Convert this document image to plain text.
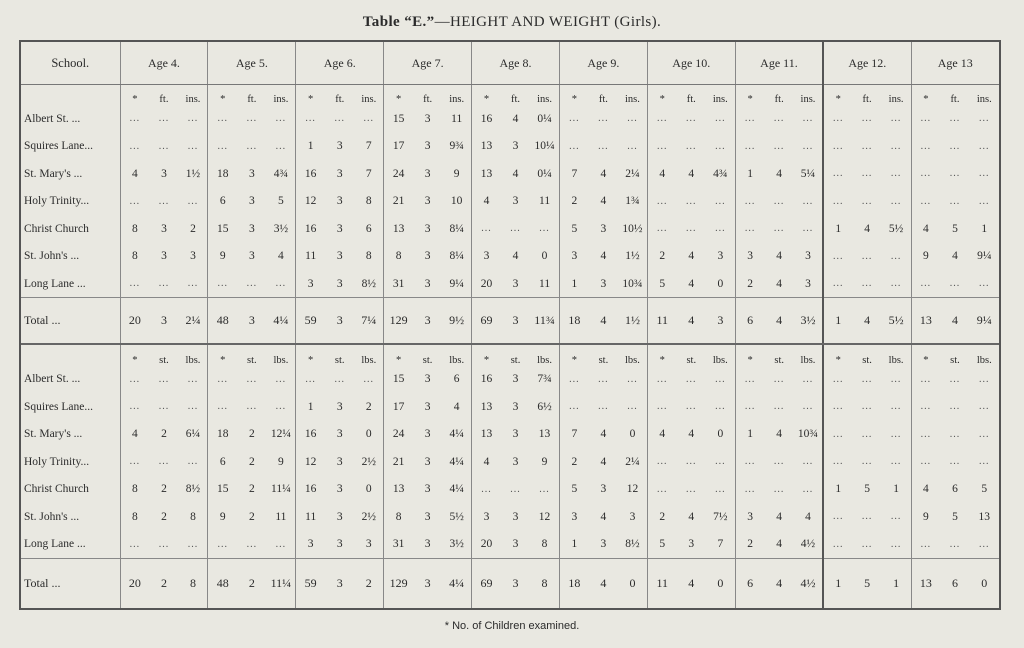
Table “E.”—HEIGHT AND WEIGHT (Girls).
School.	Age 4.			Age 5.			Age 6.			Age 7.			Age 8.			Age 9.			Age 10.			Age 11.			Age 12.			Age 13		
	*	ft.	ins.	*	ft.	ins.	*	ft.	ins.	*	ft.	ins.	*	ft.	ins.	*	ft.	ins.	*	ft.	ins.	*	ft.	ins.	*	ft.	ins.	*	ft.	ins.
Albert St. ...	...	...	...	...	...	...	...	...	...	15	3	11	16	4	0¼	...	...	...	...	...	...	...	...	...	...	...	...	...	...	...
Squires Lane...	...	...	...	...	...	...	1	3	7	17	3	9¾	13	3	10¼	...	...	...	...	...	...	...	...	...	...	...	...	...	...	...
St. Mary's ...	4	3	1½	18	3	4¾	16	3	7	24	3	9	13	4	0¼	7	4	2¼	4	4	4¾	1	4	5¼	...	...	...	...	...	...
Holy Trinity...	...	...	...	6	3	5	12	3	8	21	3	10	4	3	11	2	4	1¾	...	...	...	...	...	...	...	...	...	...	...	...
Christ Church	8	3	2	15	3	3½	16	3	6	13	3	8¼	...	...	...	5	3	10½	...	...	...	...	...	...	1	4	5½	4	5	1
St. John's ...	8	3	3	9	3	4	11	3	8	8	3	8¼	3	4	0	3	4	1½	2	4	3	3	4	3	...	...	...	9	4	9¼
Long Lane ...	...	...	...	...	...	...	3	3	8½	31	3	9¼	20	3	11	1	3	10¾	5	4	0	2	4	3	...	...	...	...	...	...
Total ...	20	3	2¼	48	3	4¼	59	3	7¼	129	3	9½	69	3	11¾	18	4	1½	11	4	3	6	4	3½	1	4	5½	13	4	9¼
	*	st.	lbs.	*	st.	lbs.	*	st.	lbs.	*	st.	lbs.	*	st.	lbs.	*	st.	lbs.	*	st.	lbs.	*	st.	lbs.	*	st.	lbs.	*	st.	lbs.
Albert St. ...	...	...	...	...	...	...	...	...	...	15	3	6	16	3	7¾	...	...	...	...	...	...	...	...	...	...	...	...	...	...	...
Squires Lane...	...	...	...	...	...	...	1	3	2	17	3	4	13	3	6½	...	...	...	...	...	...	...	...	...	...	...	...	...	...	...
St. Mary's ...	4	2	6¼	18	2	12¼	16	3	0	24	3	4¼	13	3	13	7	4	0	4	4	0	1	4	10¾	...	...	...	...	...	...
Holy Trinity...	...	...	...	6	2	9	12	3	2½	21	3	4¼	4	3	9	2	4	2¼	...	...	...	...	...	...	...	...	...	...	...	...
Christ Church	8	2	8½	15	2	11¼	16	3	0	13	3	4¼	...	...	...	5	3	12	...	...	...	...	...	...	1	5	1	4	6	5
St. John's ...	8	2	8	9	2	11	11	3	2½	8	3	5½	3	3	12	3	4	3	2	4	7½	3	4	4	...	...	...	9	5	13
Long Lane ...	...	...	...	...	...	...	3	3	3	31	3	3½	20	3	8	1	3	8½	5	3	7	2	4	4½	...	...	...	...	...	...
Total ...	20	2	8	48	2	11¼	59	3	2	129	3	4¼	69	3	8	18	4	0	11	4	0	6	4	4½	1	5	1	13	6	0
* No. of Children examined.
